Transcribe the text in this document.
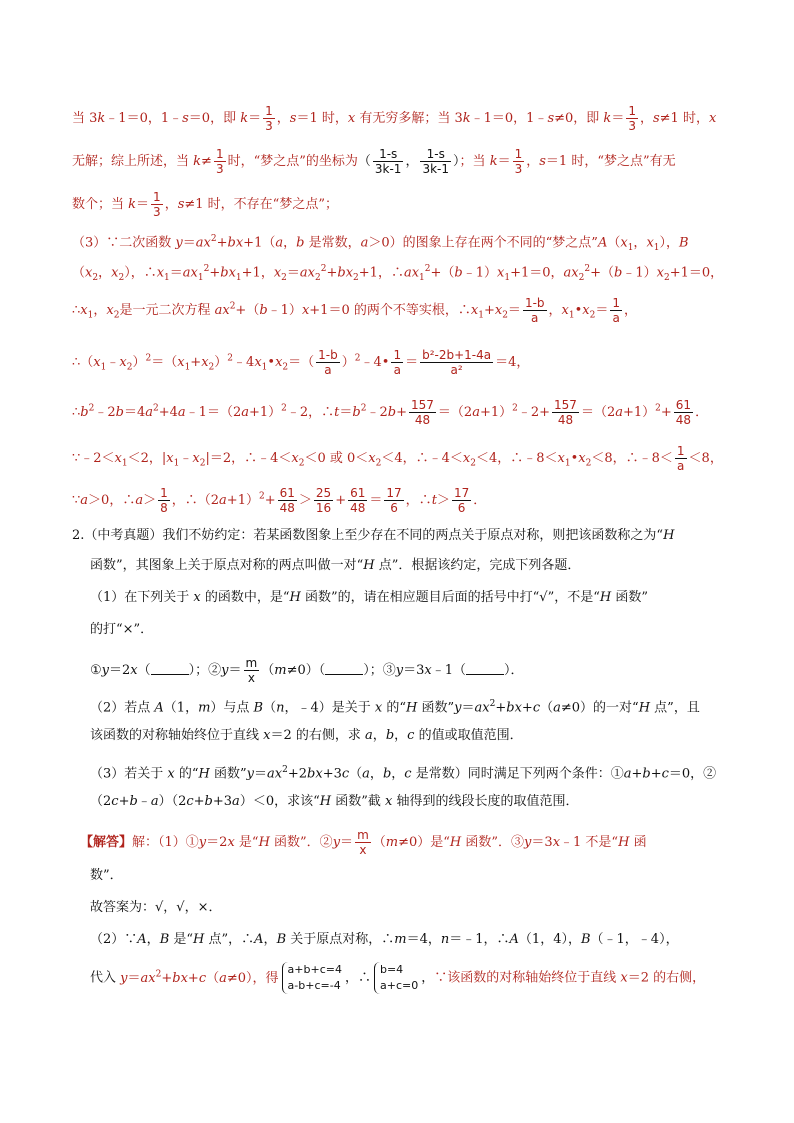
当 3k﹣1＝0，1﹣s＝0，即 $k= \frac{1}{3}$ ，s＝1 时，x 有无穷多解；当 3k﹣1＝0，1﹣s≠0，即 $k= \frac{1}{3}$ ，s≠1 时，x
无解；综上所述，当 $k\ne \frac{1}{3}$ 时，“梦之点”的坐标为（ $\frac{1-s}{3k-1}$ ， $\frac{1-s}{3k-1}$ ）；当 $k= \frac{1}{3}$ ，s＝1 时，“梦之点”有无
数个；当 $k= \frac{1}{3}$ ，s≠1 时，不存在“梦之点”；
（3）∵二次函数 $y=ax^2+bx+1(a$，b 是常数，a＞0）的图象上存在两个不同的“梦之点$”A(x_1$，$x_1$），B
（$x_2$，$x_2$），$\therefore x_1=ax_1^2+bx_1+1$，$x_2=ax_2^2+bx_2+1$，$\therefore ax_1^2+(b﹣1)x_1+1=0$，$ax_2^2+(b﹣1)x_2+1=0$，
$\therefore x_1$，$x_2$是一元二次方程 $ax^2+(b﹣1)x+1=0$ 的两个不等实根，$\therefore x_1+x_2= \frac{1-b}{a}$ ，$x_1•x_2= \frac{1}{a}$ ，
$\therefore(x_1﹣x_2)^2=(x_1+x_2)^2﹣4x_1•x_2=( \frac{1-b}{a}$ ）$^2$﹣4• $\frac{1}{a} = \frac{\text{b²-2b+1-4a}}{\text{a²}} =4$，
$\therefore b^2﹣2b=4a^2+4a﹣1=(2a+1)^2﹣2$，$\therefore t=b^2﹣2b+ \frac{157}{48}$ $=(2a+1)^2﹣2+ \frac{157}{48} =(2a+1)^2+ \frac{61}{48}$ ．
$\because﹣2<x_1<2$，$|x_1﹣x_2|=2$，$\therefore﹣4<x_2<0$ 或 $0<x_2<4$，$\therefore﹣4<x_2<4$，$\therefore﹣8<x_1•x_2<8$，∴﹣8＜ $\frac{1}{a} <8$，
∵a＞0，∴a＞ $\frac{1}{8}$ ，$\therefore(2a+1)^2+ \frac{61}{48} > \frac{25}{16} + \frac{61}{48} = \frac{17}{6}$ ，∴t＞ $\frac{17}{6}$ ．
2.（中考真题）我们不妨约定：若某函数图象上至少存在不同的两点关于原点对称，则把该函数称之为“H
函数”，其图象上关于原点对称的两点叫做一对“H 点”．根据该约定，完成下列各题．
（1）在下列关于 x 的函数中，是“H 函数”的，请在相应题目后面的括号中打“√”，不是“H 函数”
的打“×”．
①y＝2x（	）；②y＝ $\frac{m}{x} (m\ne 0)$（	）；③y＝3x﹣1（	）．
（2）若点 A（1，m）与点 B（n，﹣4）是关于 x 的“H 函数$”y=ax^2+bx+c(a\ne 0)$的一对“H 点”，且
该函数的对称轴始终位于直线 x＝2 的右侧，求 a，b，c 的值或取值范围．
（3）若关于 x 的“H 函数$”y=ax^2+2bx+3c(a$，b，c 是常数）同时满足下列两个条件：①a+b+c＝0，②
（2c+b﹣a）（2c+b+3a）＜0，求该“H 函数”截 x 轴得到的线段长度的取值范围．
【解答】解：（1）①y＝2x 是“H 函数”．②y＝ $\frac{m}{x} (m\ne 0)$是“H 函数”．③y＝3x﹣1 不是“H 函
数”．
故答案为：√，√，×．
（2）∵A，B 是“H 点”，∴A，B 关于原点对称，∴m＝4，n＝﹣1，∴A（1，4），B（﹣1，﹣4），
代入 $y=ax^2+bx+c(a\ne 0)$，得
a+b+c=4
a-b+c=-4 ，∴
b=4
a+c=0 ，∵该函数的对称轴始终位于直线 x＝2 的右侧，
